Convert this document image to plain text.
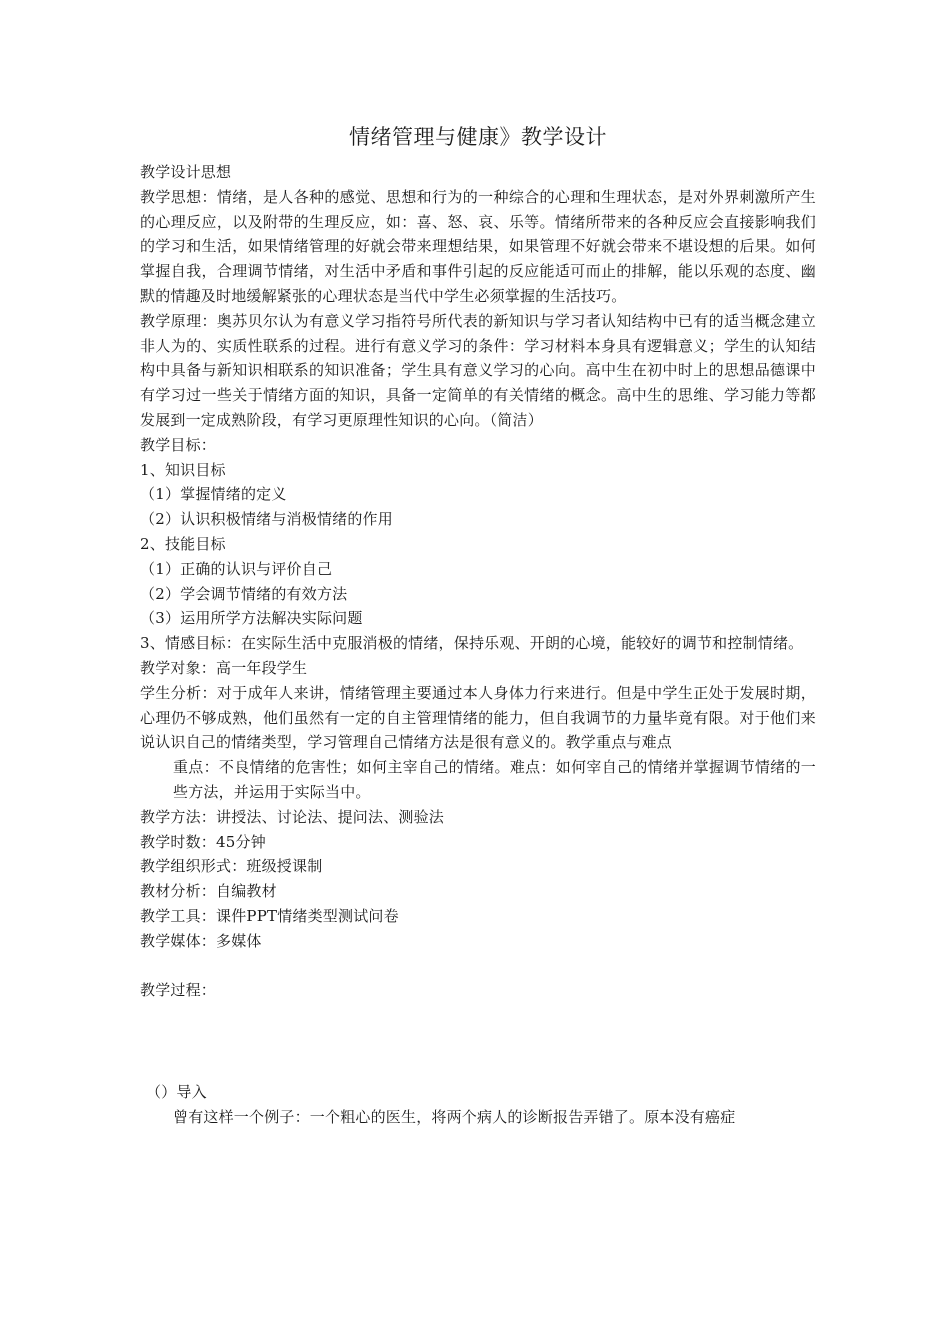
情绪管理与健康》教学设计

教学设计思想

教学思想：情绪，是人各种的感觉、思想和行为的一种综合的心理和生理状态，是对外界刺激所产生的心理反应，以及附带的生理反应，如：喜、怒、哀、乐等。情绪所带来的各种反应会直接影响我们的学习和生活，如果情绪管理的好就会带来理想结果，如果管理不好就会带来不堪设想的后果。如何掌握自我，合理调节情绪，对生活中矛盾和事件引起的反应能适可而止的排解，能以乐观的态度、幽默的情趣及时地缓解紧张的心理状态是当代中学生必须掌握的生活技巧。

教学原理：奥苏贝尔认为有意义学习指符号所代表的新知识与学习者认知结构中已有的适当概念建立非人为的、实质性联系的过程。进行有意义学习的条件：学习材料本身具有逻辑意义；学生的认知结构中具备与新知识相联系的知识准备；学生具有意义学习的心向。高中生在初中时上的思想品德课中有学习过一些关于情绪方面的知识，具备一定简单的有关情绪的概念。高中生的思维、学习能力等都发展到一定成熟阶段，有学习更原理性知识的心向。（简洁）

教学目标：

1、知识目标

（1）掌握情绪的定义

（2）认识积极情绪与消极情绪的作用

2、技能目标

（1）正确的认识与评价自己

（2）学会调节情绪的有效方法

（3）运用所学方法解决实际问题

3、情感目标：在实际生活中克服消极的情绪，保持乐观、开朗的心境，能较好的调节和控制情绪。

教学对象：高一年段学生

学生分析：对于成年人来讲，情绪管理主要通过本人身体力行来进行。但是中学生正处于发展时期，心理仍不够成熟，他们虽然有一定的自主管理情绪的能力，但自我调节的力量毕竟有限。对于他们来说认识自己的情绪类型，学习管理自己情绪方法是很有意义的。教学重点与难点

重点：不良情绪的危害性；如何主宰自己的情绪。难点：如何宰自己的情绪并掌握调节情绪的一些方法，并运用于实际当中。

教学方法：讲授法、讨论法、提问法、测验法

教学时数：45分钟

教学组织形式：班级授课制

教材分析：自编教材

教学工具：课件PPT情绪类型测试问卷

教学媒体：多媒体

教学过程：

（）导入

曾有这样一个例子：一个粗心的医生，将两个病人的诊断报告弄错了。原本没有癌症
